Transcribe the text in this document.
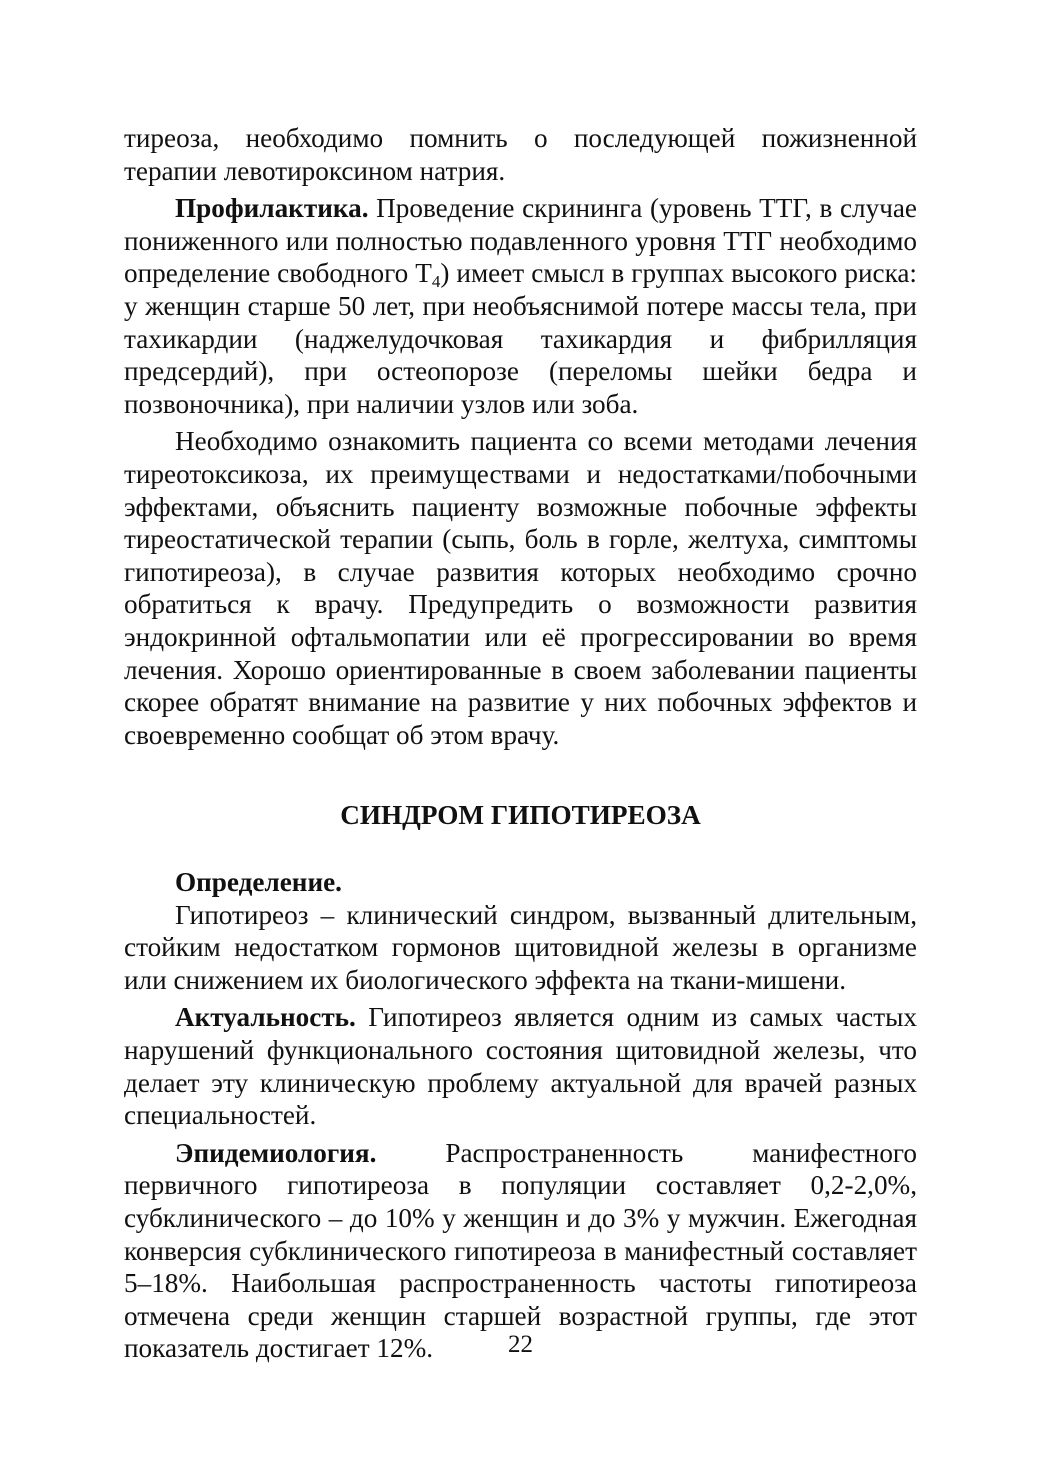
тиреоза, необходимо помнить о последующей пожизненной терапии левотироксином натрия.

Профилактика. Проведение скрининга (уровень ТТГ, в случае пониженного или полностью подавленного уровня ТТГ необходимо определение свободного $Т_4$) имеет смысл в группах высокого риска: у женщин старше 50 лет, при необъяснимой потере массы тела, при тахикардии (наджелудочковая тахикардия и фибрилляция предсердий), при остеопорозе (переломы шейки бедра и позвоночника), при наличии узлов или зоба.

Необходимо ознакомить пациента со всеми методами лечения тиреотоксикоза, их преимуществами и недостатками/побочными эффектами, объяснить пациенту возможные побочные эффекты тиреостатической терапии (сыпь, боль в горле, желтуха, симптомы гипотиреоза), в случае развития которых необходимо срочно обратиться к врачу. Предупредить о возможности развития эндокринной офтальмопатии или её прогрессировании во время лечения. Хорошо ориентированные в своем заболевании пациенты скорее обратят внимание на развитие у них побочных эффектов и своевременно сообщат об этом врачу.

СИНДРОМ ГИПОТИРЕОЗА

Определение.

Гипотиреоз – клинический синдром, вызванный длительным, стойким недостатком гормонов щитовидной железы в организме или снижением их биологического эффекта на ткани-мишени.

Актуальность. Гипотиреоз является одним из самых частых нарушений функционального состояния щитовидной железы, что делает эту клиническую проблему актуальной для врачей разных специальностей.

Эпидемиология. Распространенность манифестного первичного гипотиреоза в популяции составляет 0,2-2,0%, субклинического – до 10% у женщин и до 3% у мужчин. Ежегодная конверсия субклинического гипотиреоза в манифестный составляет 5–18%. Наибольшая распространенность частоты гипотиреоза отмечена среди женщин старшей возрастной группы, где этот показатель достигает 12%.	22
